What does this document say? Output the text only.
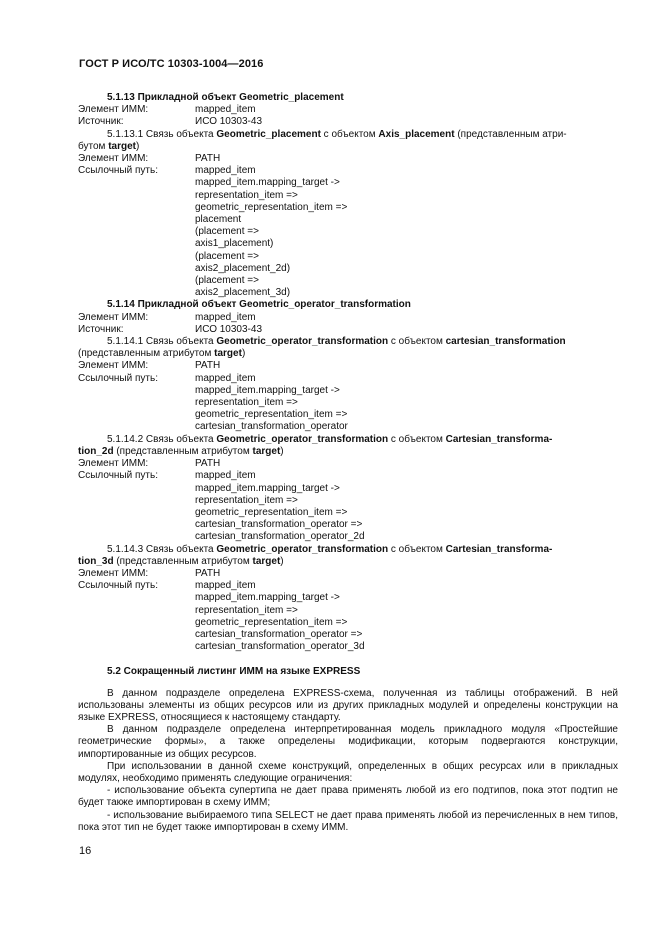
ГОСТ Р ИСО/ТС 10303-1004—2016
5.1.13 Прикладной объект Geometric_placement
Элемент ИММ:	mapped_item
Источник:	ИСО 10303-43
5.1.13.1 Связь объекта Geometric_placement с объектом Axis_placement (представленным атри-
бутом target)
Элемент ИММ:	PATH
Ссылочный путь:	mapped_item
mapped_item.mapping_target ->
representation_item =>
geometric_representation_item =>
placement
(placement =>
axis1_placement)
(placement =>
axis2_placement_2d)
(placement =>
axis2_placement_3d)
5.1.14 Прикладной объект Geometric_operator_transformation
Элемент ИММ:	mapped_item
Источник:	ИСО 10303-43
5.1.14.1 Связь объекта Geometric_operator_transformation с объектом cartesian_transformation
(представленным атрибутом target)
Элемент ИММ:	PATH
Ссылочный путь:	mapped_item
mapped_item.mapping_target ->
representation_item =>
geometric_representation_item =>
cartesian_transformation_operator
5.1.14.2 Связь объекта Geometric_operator_transformation с объектом Cartesian_transforma-
tion_2d (представленным атрибутом target)
Элемент ИММ:	PATH
Ссылочный путь:	mapped_item
mapped_item.mapping_target ->
representation_item =>
geometric_representation_item =>
cartesian_transformation_operator =>
cartesian_transformation_operator_2d
5.1.14.3 Связь объекта Geometric_operator_transformation с объектом Cartesian_transforma-
tion_3d (представленным атрибутом target)
Элемент ИММ:	PATH
Ссылочный путь:	mapped_item
mapped_item.mapping_target ->
representation_item =>
geometric_representation_item =>
cartesian_transformation_operator =>
cartesian_transformation_operator_3d
5.2 Сокращенный листинг ИММ на языке EXPRESS
В данном подразделе определена EXPRESS-схема, полученная из таблицы отображений. В ней использованы элементы из общих ресурсов или из других прикладных модулей и определены конструкции на языке EXPRESS, относящиеся к настоящему стандарту.
В данном подразделе определена интерпретированная модель прикладного модуля «Простейшие геометрические формы», а также определены модификации, которым подвергаются конструкции, импортированные из общих ресурсов.
При использовании в данной схеме конструкций, определенных в общих ресурсах или в прикладных модулях, необходимо применять следующие ограничения:
- использование объекта супертипа не дает права применять любой из его подтипов, пока этот подтип не будет также импортирован в схему ИММ;
- использование выбираемого типа SELECT не дает права применять любой из перечисленных в нем типов, пока этот тип не будет также импортирован в схему ИММ.
16
